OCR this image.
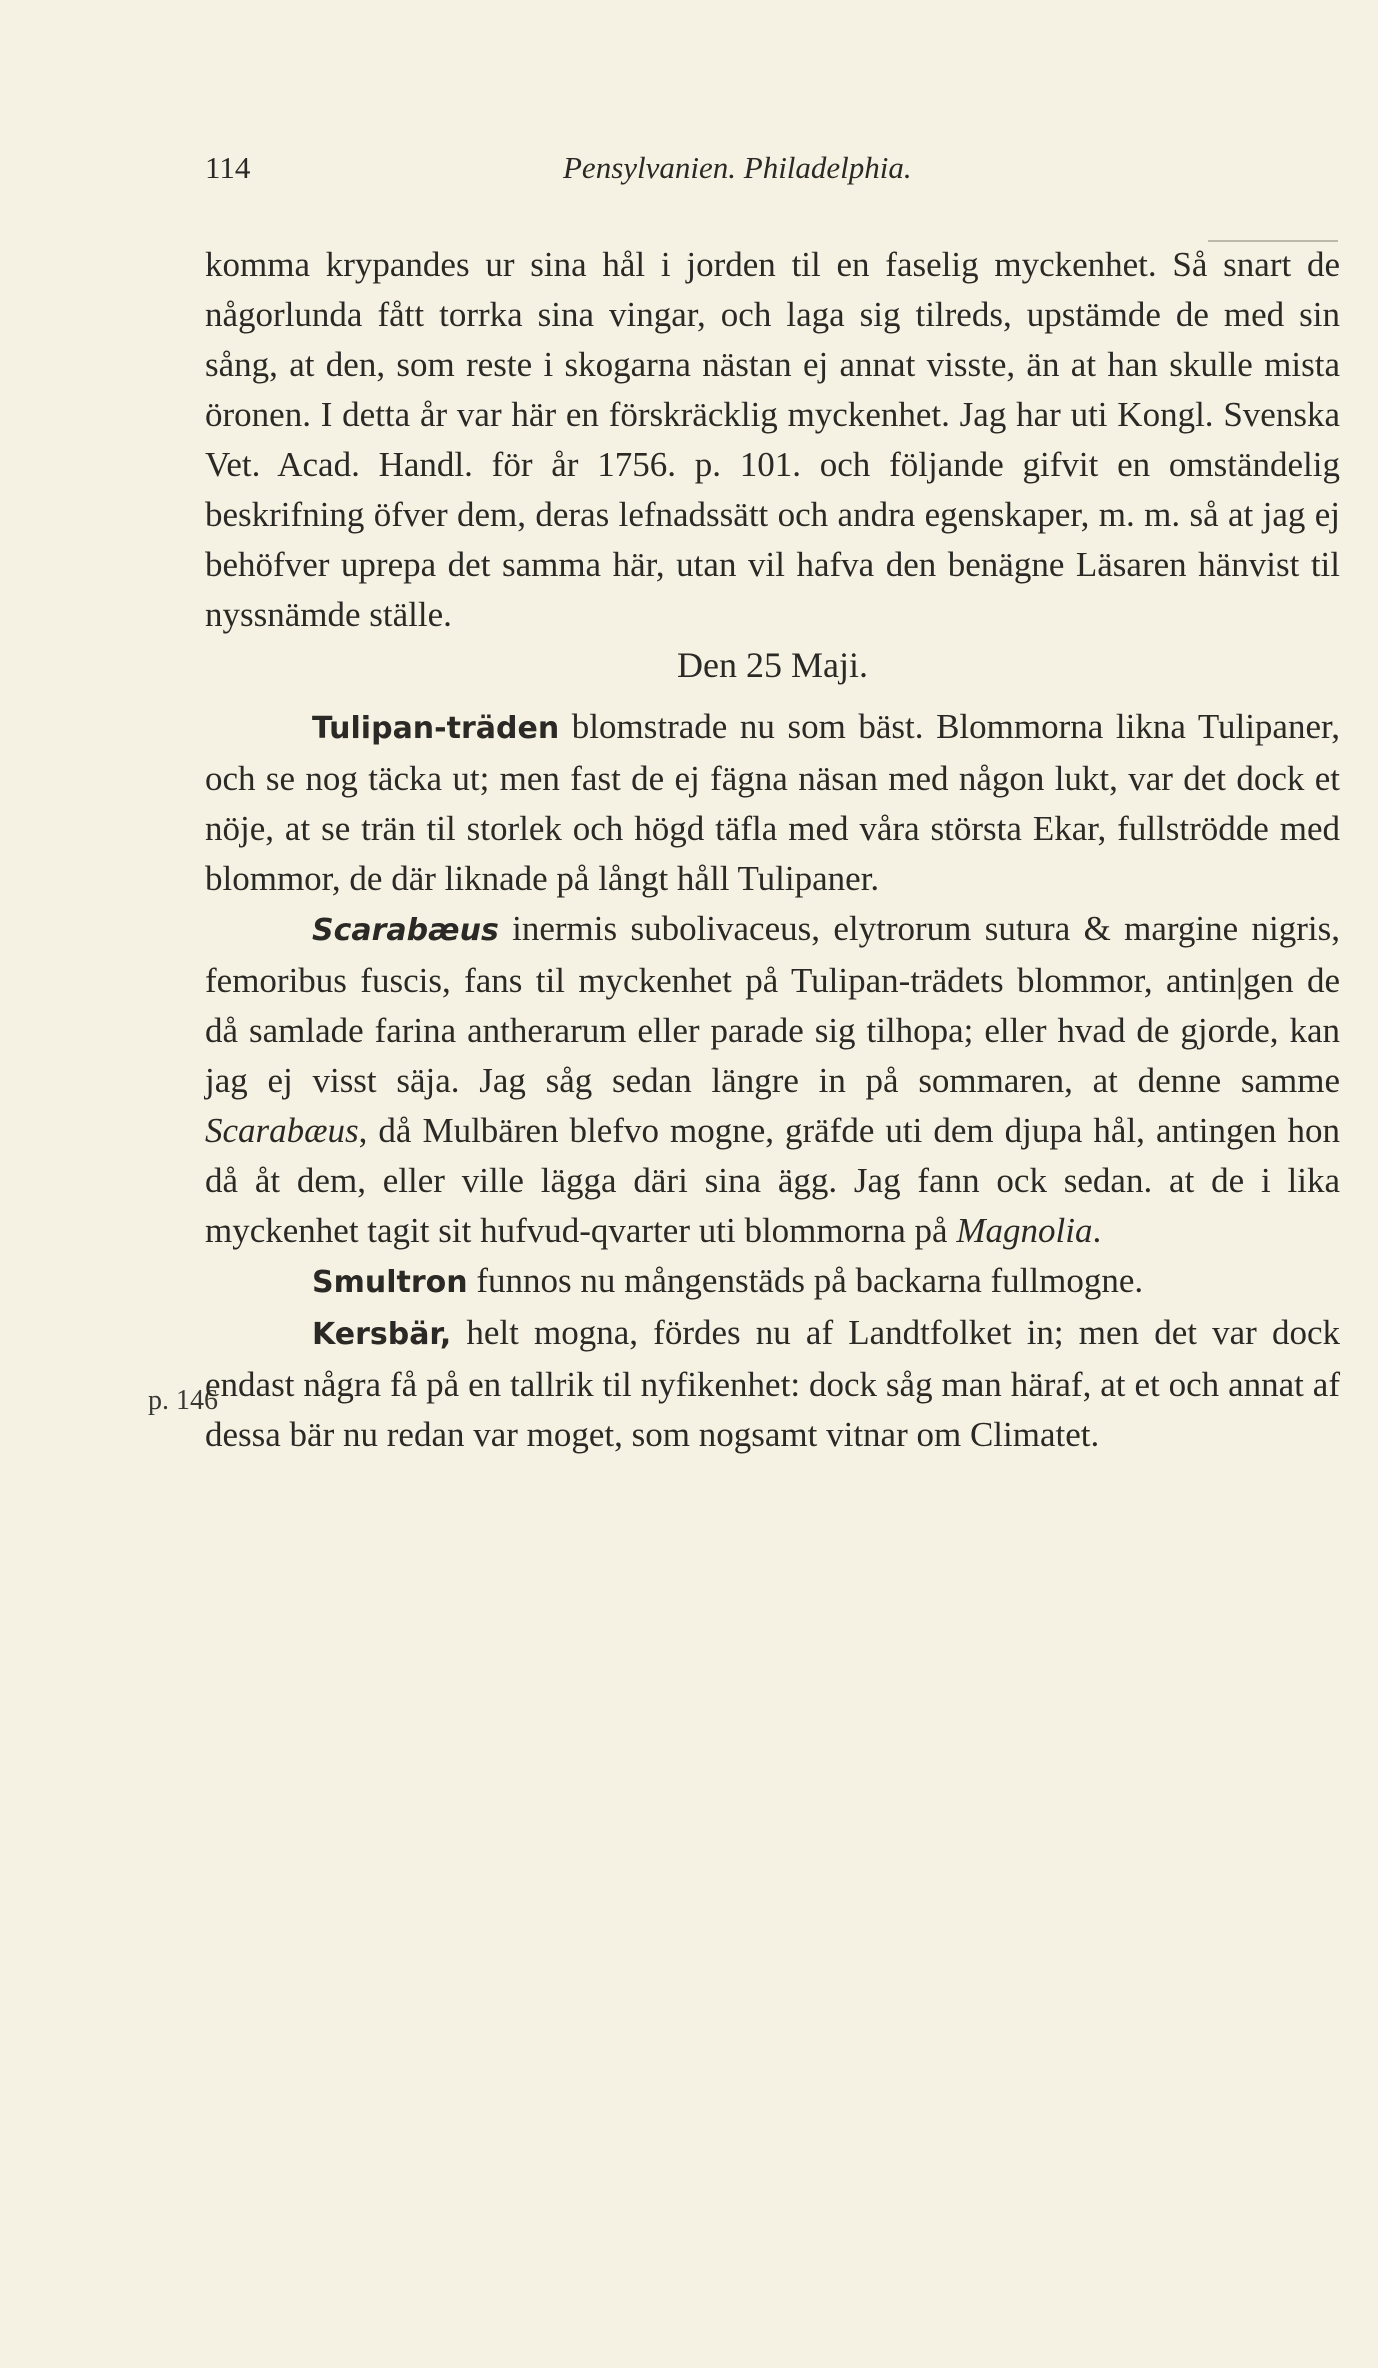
114	Pensylvanien. Philadelphia.
p. 146

komma krypandes ur sina hål i jorden til en faselig myckenhet. Så snart de någorlunda fått torrka sina vingar, och laga sig tilreds, upstämde de med sin sång, at den, som reste i skogarna nästan ej annat visste, än at han skulle mista öronen. I detta år var här en förskräcklig myckenhet. Jag har uti Kongl. Svenska Vet. Acad. Handl. för år 1756. p. 101. och följande gifvit en omständelig beskrifning öfver dem, deras lefnadssätt och andra egenskaper, m. m. så at jag ej behöfver uprepa det samma här, utan vil hafva den benägne Läsaren hänvist til nyssnämde ställe.

Den 25 Maji.

Tulipan-träden blomstrade nu som bäst. Blommorna likna Tulipaner, och se nog täcka ut; men fast de ej fägna näsan med någon lukt, var det dock et nöje, at se trän til storlek och högd täfla med våra största Ekar, fullströdde med blommor, de där liknade på långt håll Tulipaner.

Scarabæus inermis subolivaceus, elytrorum sutura & margine nigris, femoribus fuscis, fans til myckenhet på Tulipan-trädets blommor, antin|gen de då samlade farina antherarum eller parade sig tilhopa; eller hvad de gjorde, kan jag ej visst säja. Jag såg sedan längre in på sommaren, at denne samme Scarabæus, då Mulbären blefvo mogne, gräfde uti dem djupa hål, antingen hon då åt dem, eller ville lägga däri sina ägg. Jag fann ock sedan. at de i lika myckenhet tagit sit hufvud-qvarter uti blommorna på Magnolia.

Smultron funnos nu mångenstäds på backarna fullmogne.

Kersbär, helt mogna, fördes nu af Landtfolket in; men det var dock endast några få på en tallrik til nyfikenhet: dock såg man häraf, at et och annat af dessa bär nu redan var moget, som nogsamt vitnar om Climatet.
